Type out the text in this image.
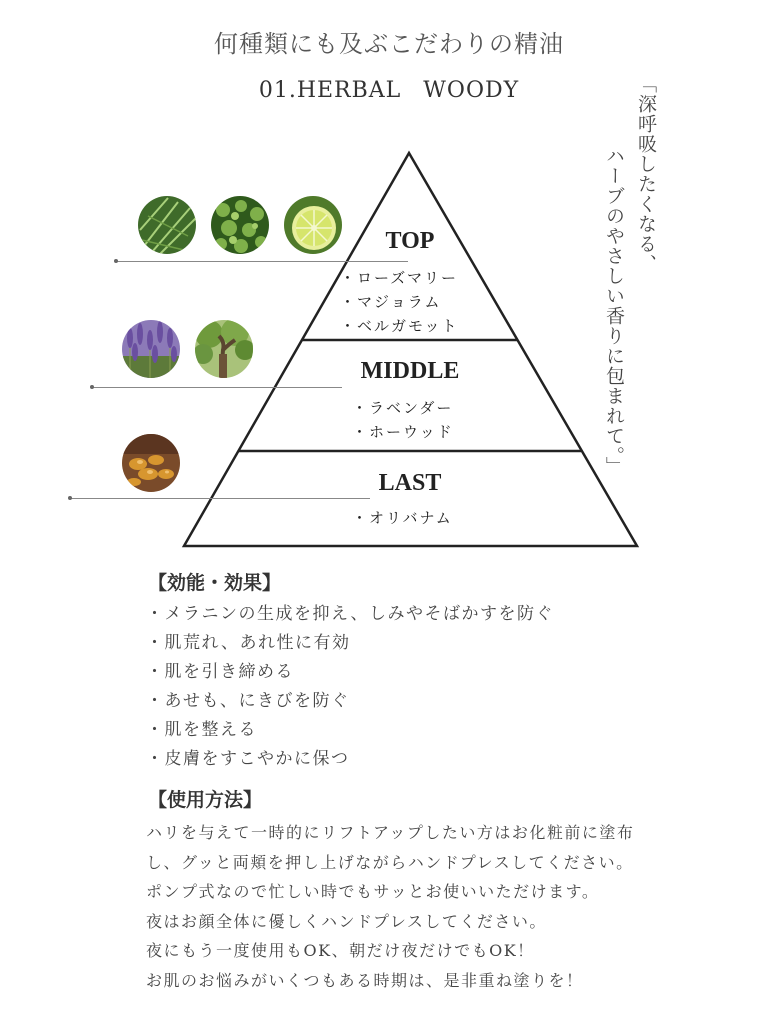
何種類にも及ぶこだわりの精油
01.HERBAL WOODY	「深呼吸したくなる、
ハーブのやさしい香りに包まれて。」
TOP
・ローズマリー
・マジョラム
・ベルガモット
MIDDLE
・ラベンダー
・ホーウッド
LAST
・オリバナム
【効能・効果】
・メラニンの生成を抑え、しみやそばかすを防ぐ
・肌荒れ、あれ性に有効
・肌を引き締める
・あせも、にきびを防ぐ
・肌を整える
・皮膚をすこやかに保つ
【使用方法】
ハリを与えて一時的にリフトアップしたい方はお化粧前に塗布
し、グッと両頬を押し上げながらハンドプレスしてください。
ポンプ式なので忙しい時でもサッとお使いいただけます。
夜はお顔全体に優しくハンドプレスしてください。
夜にもう一度使用もOK、朝だけ夜だけでもOK！
お肌のお悩みがいくつもある時期は、是非重ね塗りを！
